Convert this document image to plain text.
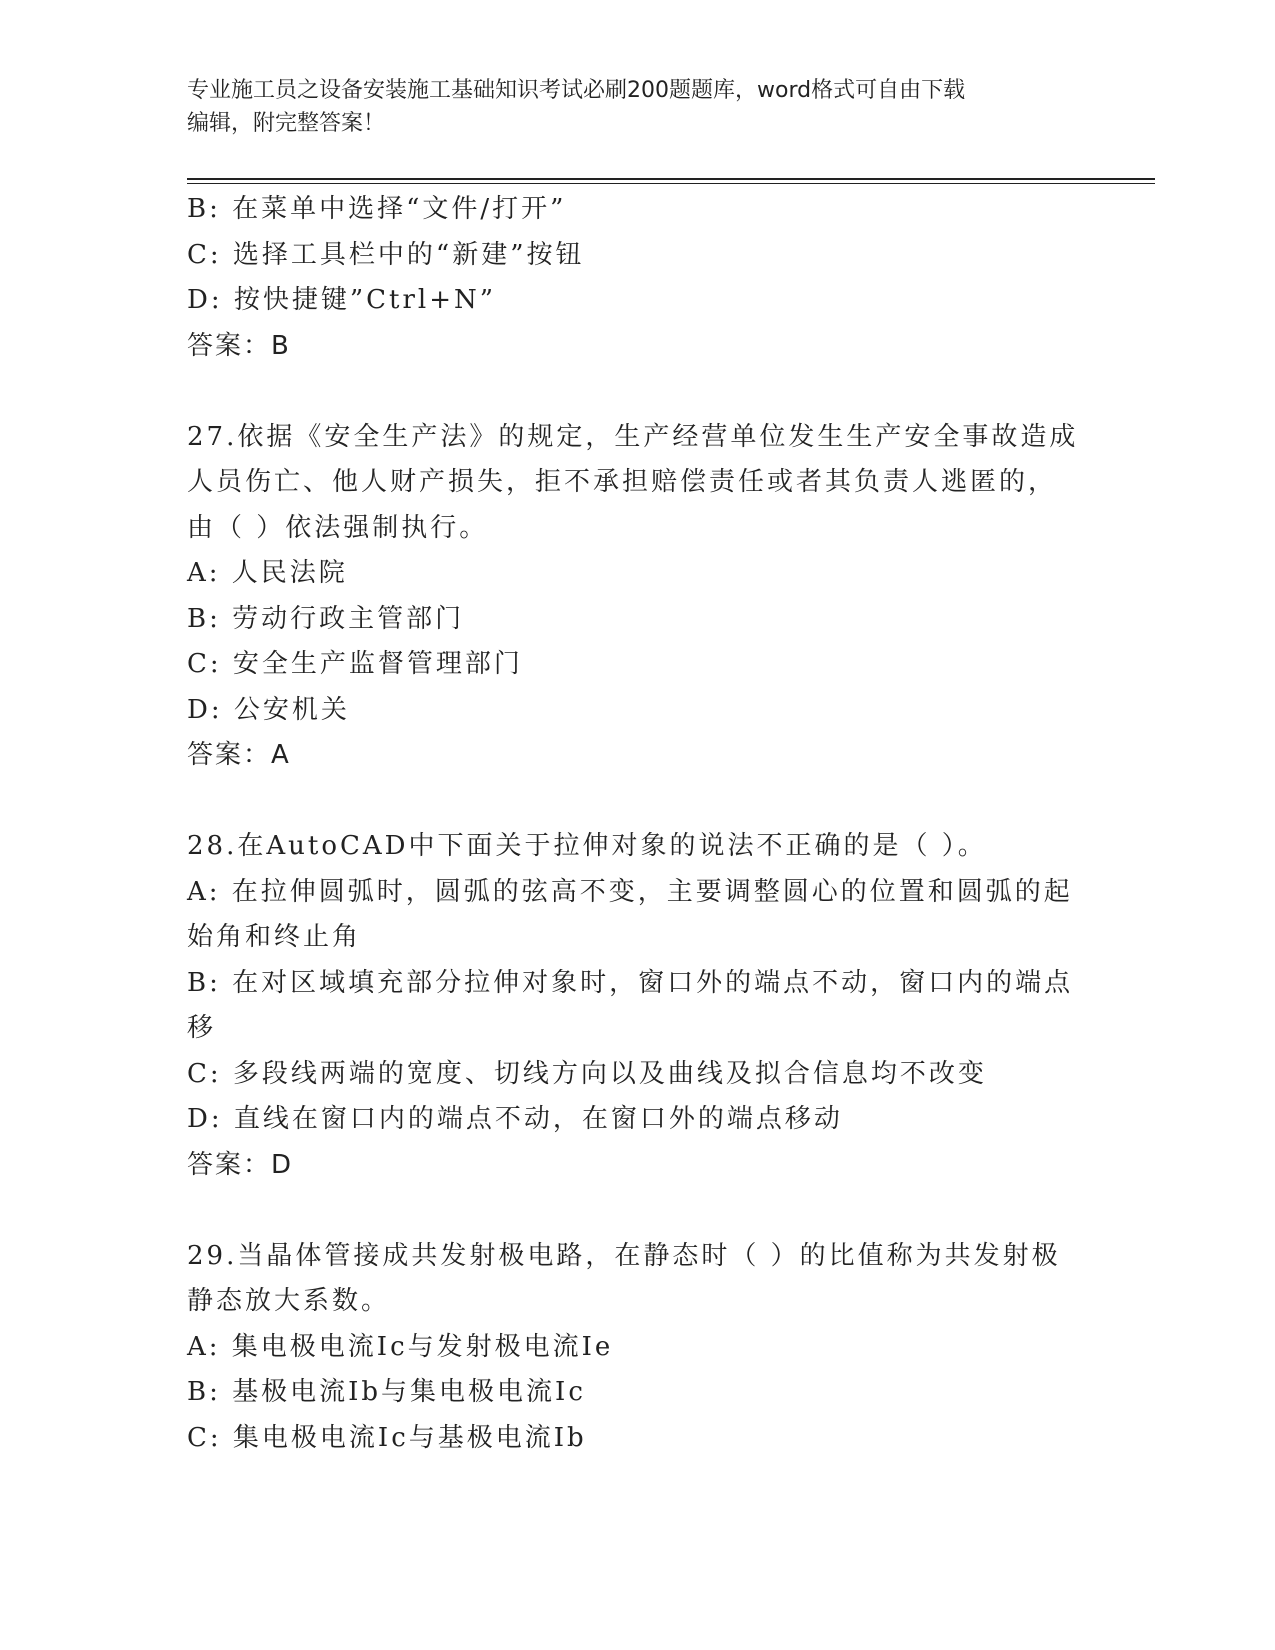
专业施工员之设备安装施工基础知识考试必刷200题题库，word格式可自由下载
编辑，附完整答案！
B: 在菜单中选择“文件/打开”
C: 选择工具栏中的“新建”按钮
D: 按快捷键”Ctrl+N”
答案：B
27.依据《安全生产法》的规定，生产经营单位发生生产安全事故造成
人员伤亡、他人财产损失，拒不承担赔偿责任或者其负责人逃匿的，
由（ ）依法强制执行。
A: 人民法院
B: 劳动行政主管部门
C: 安全生产监督管理部门
D: 公安机关
答案：A
28.在AutoCAD中下面关于拉伸对象的说法不正确的是（ ）。
A: 在拉伸圆弧时，圆弧的弦高不变，主要调整圆心的位置和圆弧的起
始角和终止角
B: 在对区域填充部分拉伸对象时，窗口外的端点不动，窗口内的端点
移
C: 多段线两端的宽度、切线方向以及曲线及拟合信息均不改变
D: 直线在窗口内的端点不动，在窗口外的端点移动
答案：D
29.当晶体管接成共发射极电路，在静态时（ ）的比值称为共发射极
静态放大系数。
A: 集电极电流Ic与发射极电流Ie
B: 基极电流Ib与集电极电流Ic
C: 集电极电流Ic与基极电流Ib
